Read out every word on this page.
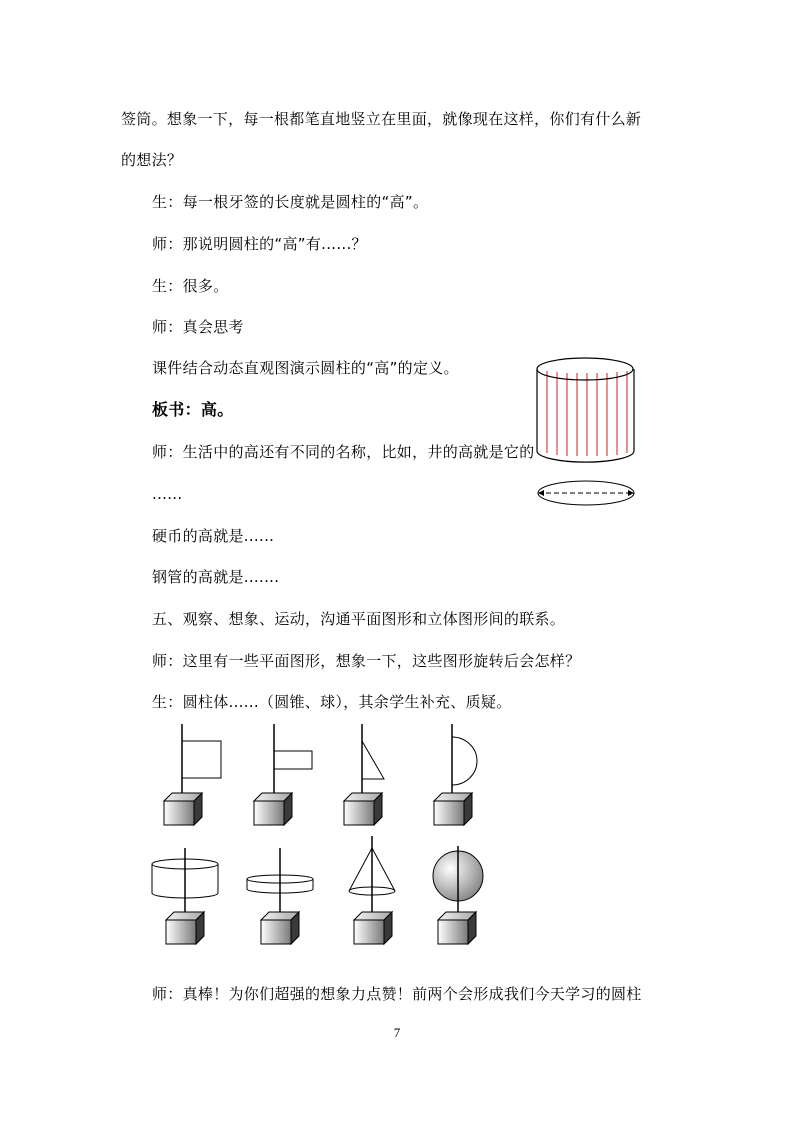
签筒。想象一下，每一根都笔直地竖立在里面，就像现在这样，你们有什么新
的想法？
生：每一根牙签的长度就是圆柱的“高”。
师：那说明圆柱的“高”有......？
生：很多。
师：真会思考
课件结合动态直观图演示圆柱的“高”的定义。
板书：高。
师：生活中的高还有不同的名称，比如，井的高就是它的
......
硬币的高就是......
钢管的高就是.......
五、观察、想象、运动，沟通平面图形和立体图形间的联系。
师：这里有一些平面图形，想象一下，这些图形旋转后会怎样？
生：圆柱体......（圆锥、球），其余学生补充、质疑。
师：真棒！为你们超强的想象力点赞！前两个会形成我们今天学习的圆柱
7
